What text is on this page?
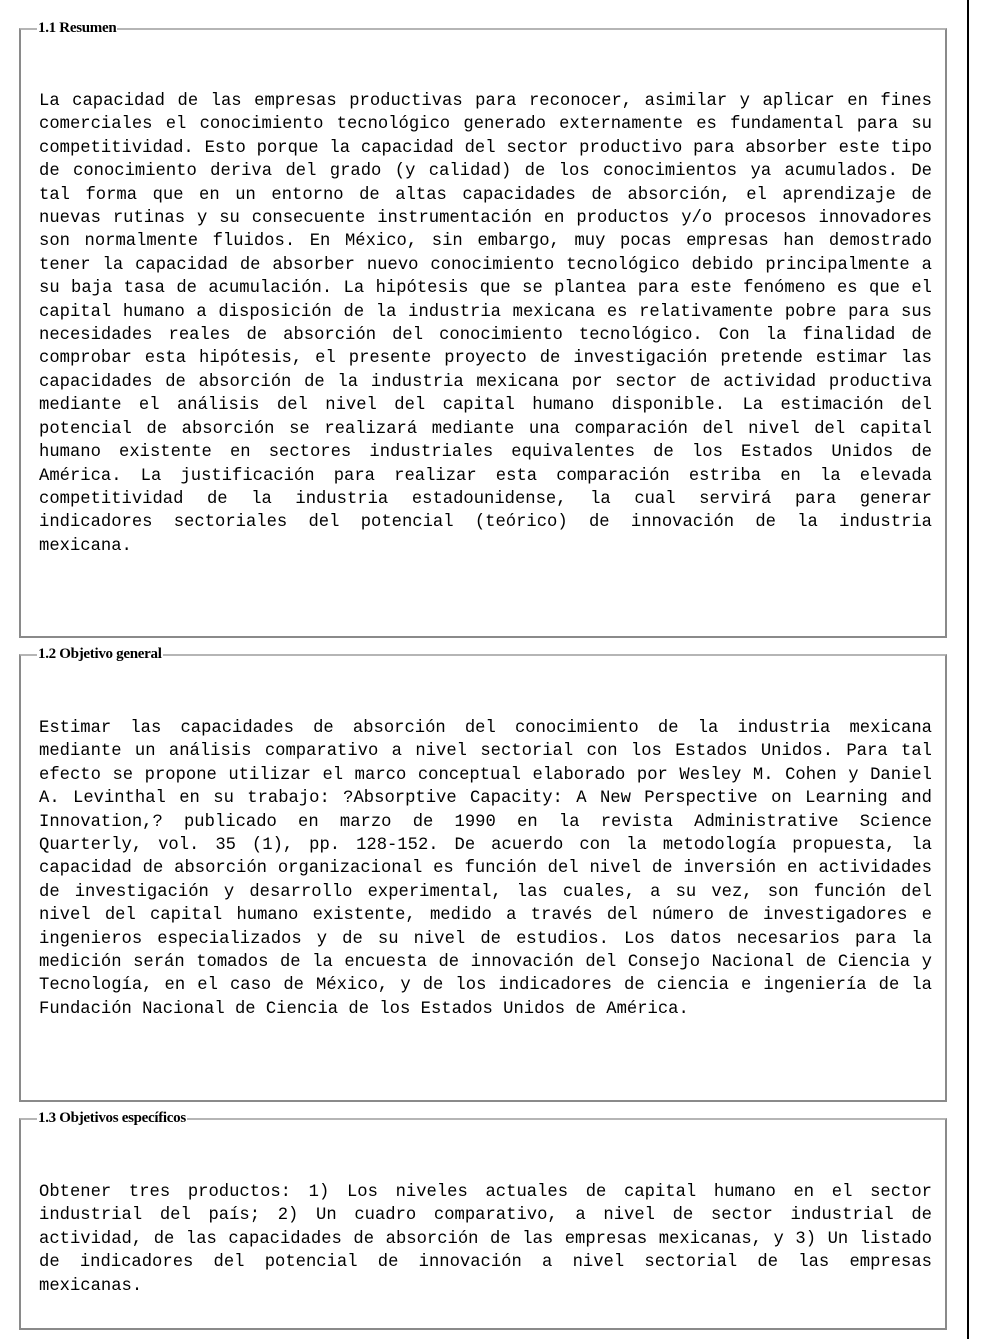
1.1 Resumen

La capacidad de las empresas productivas para reconocer, asimilar y aplicar en fines comerciales el conocimiento tecnológico generado externamente es fundamental para su competitividad. Esto porque la capacidad del sector productivo para absorber este tipo de conocimiento deriva del grado (y calidad) de los conocimientos ya acumulados. De tal forma que en un entorno de altas capacidades de absorción, el aprendizaje de nuevas rutinas y su consecuente instrumentación en productos y/o procesos innovadores son normalmente fluidos. En México, sin embargo, muy pocas empresas han demostrado tener la capacidad de absorber nuevo conocimiento tecnológico debido principalmente a su baja tasa de acumulación. La hipótesis que se plantea para este fenómeno es que el capital humano a disposición de la industria mexicana es relativamente pobre para sus necesidades reales de absorción del conocimiento tecnológico. Con la finalidad de comprobar esta hipótesis, el presente proyecto de investigación pretende estimar las capacidades de absorción de la industria mexicana por sector de actividad productiva mediante el análisis del nivel del capital humano disponible. La estimación del potencial de absorción se realizará mediante una comparación del nivel del capital humano existente en sectores industriales equivalentes de los Estados Unidos de América. La justificación para realizar esta comparación estriba en la elevada competitividad de la industria estadounidense, la cual servirá para generar indicadores sectoriales del potencial (teórico) de innovación de la industria mexicana.

1.2 Objetivo general

Estimar las capacidades de absorción del conocimiento de la industria mexicana mediante un análisis comparativo a nivel sectorial con los Estados Unidos. Para tal efecto se propone utilizar el marco conceptual elaborado por Wesley M. Cohen y Daniel A. Levinthal en su trabajo: ?Absorptive Capacity: A New Perspective on Learning and Innovation,? publicado en marzo de 1990 en la revista Administrative Science Quarterly, vol. 35 (1), pp. 128-152. De acuerdo con la metodología propuesta, la capacidad de absorción organizacional es función del nivel de inversión en actividades de investigación y desarrollo experimental, las cuales, a su vez, son función del nivel del capital humano existente, medido a través del número de investigadores e ingenieros especializados y de su nivel de estudios. Los datos necesarios para la medición serán tomados de la encuesta de innovación del Consejo Nacional de Ciencia y Tecnología, en el caso de México, y de los indicadores de ciencia e ingeniería de la Fundación Nacional de Ciencia de los Estados Unidos de América.

1.3 Objetivos específicos

Obtener tres productos: 1) Los niveles actuales de capital humano en el sector industrial del país; 2) Un cuadro comparativo, a nivel de sector industrial de actividad, de las capacidades de absorción de las empresas mexicanas, y 3) Un listado de indicadores del potencial de innovación a nivel sectorial de las empresas mexicanas.
